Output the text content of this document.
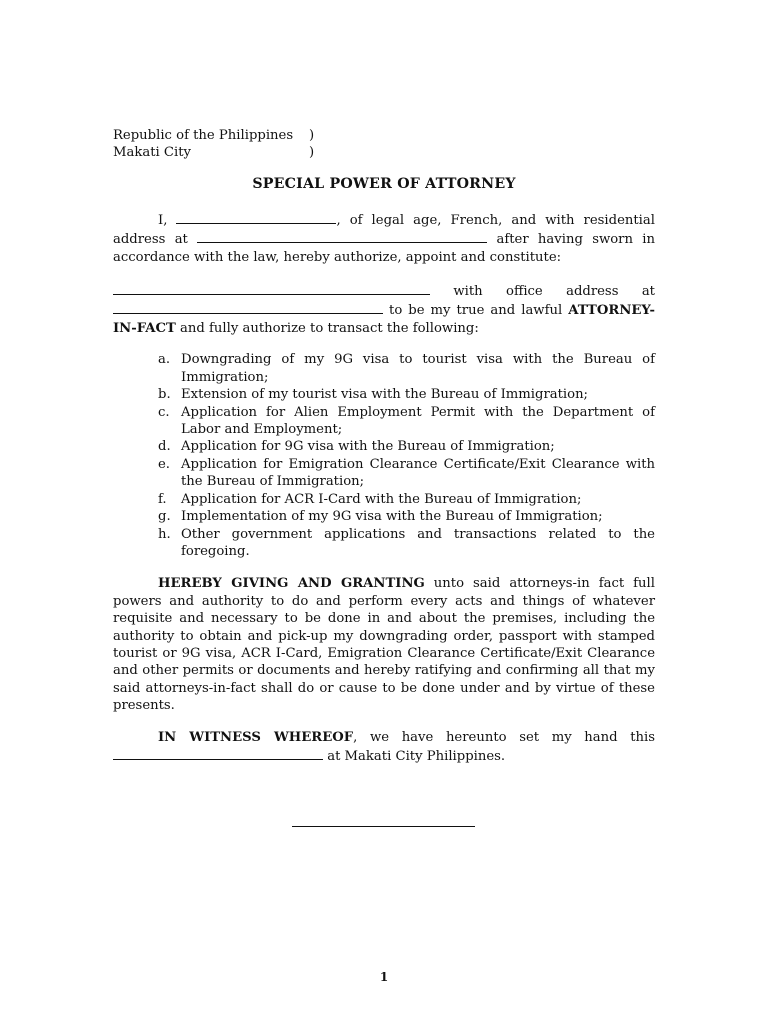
Republic of the Philippines )
Makati City	)
SPECIAL POWER OF ATTORNEY

I,	, of legal age, French, and with residential address at	after having sworn in accordance with the law, hereby authorize, appoint and constitute:

with office address at  to be my true and lawful ATTORNEY-IN-FACT and fully authorize to transact the following:

a. Downgrading of my 9G visa to tourist visa with the Bureau of Immigration;
b. Extension of my tourist visa with the Bureau of Immigration;
c. Application for Alien Employment Permit with the Department of Labor and Employment;
d. Application for 9G visa with the Bureau of Immigration;
e. Application for Emigration Clearance Certificate/Exit Clearance with the Bureau of Immigration;
f. Application for ACR I-Card with the Bureau of Immigration;
g. Implementation of my 9G visa with the Bureau of Immigration;
h. Other government applications and transactions related to the foregoing.

HEREBY GIVING AND GRANTING unto said attorneys-in fact full powers and authority to do and perform every acts and things of whatever requisite and necessary to be done in and about the premises, including the authority to obtain and pick-up my downgrading order, passport with stamped tourist or 9G visa, ACR I-Card, Emigration Clearance Certificate/Exit Clearance and other permits or documents and hereby ratifying and confirming all that my said attorneys-in-fact shall do or cause to be done under and by virtue of these presents.

IN WITNESS WHEREOF, we have hereunto set my hand this  at Makati City Philippines.

1
